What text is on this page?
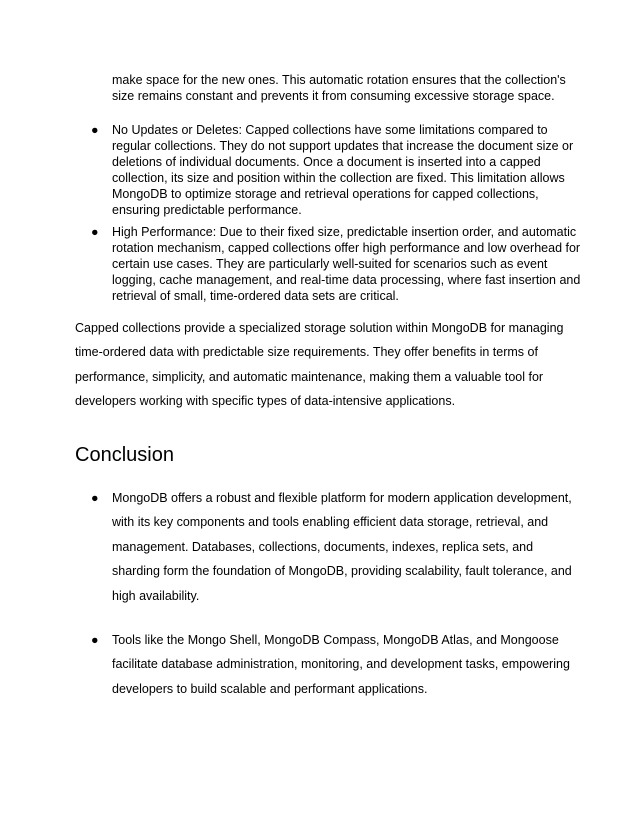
make space for the new ones. This automatic rotation ensures that the collection's size remains constant and prevents it from consuming excessive storage space.

● No Updates or Deletes: Capped collections have some limitations compared to regular collections. They do not support updates that increase the document size or deletions of individual documents. Once a document is inserted into a capped collection, its size and position within the collection are fixed. This limitation allows MongoDB to optimize storage and retrieval operations for capped collections, ensuring predictable performance.

● High Performance: Due to their fixed size, predictable insertion order, and automatic rotation mechanism, capped collections offer high performance and low overhead for certain use cases. They are particularly well-suited for scenarios such as event logging, cache management, and real-time data processing, where fast insertion and retrieval of small, time-ordered data sets are critical.

Capped collections provide a specialized storage solution within MongoDB for managing time-ordered data with predictable size requirements. They offer benefits in terms of performance, simplicity, and automatic maintenance, making them a valuable tool for developers working with specific types of data-intensive applications.

Conclusion
● MongoDB offers a robust and flexible platform for modern application development, with its key components and tools enabling efficient data storage, retrieval, and management. Databases, collections, documents, indexes, replica sets, and sharding form the foundation of MongoDB, providing scalability, fault tolerance, and high availability.

● Tools like the Mongo Shell, MongoDB Compass, MongoDB Atlas, and Mongoose facilitate database administration, monitoring, and development tasks, empowering developers to build scalable and performant applications.
